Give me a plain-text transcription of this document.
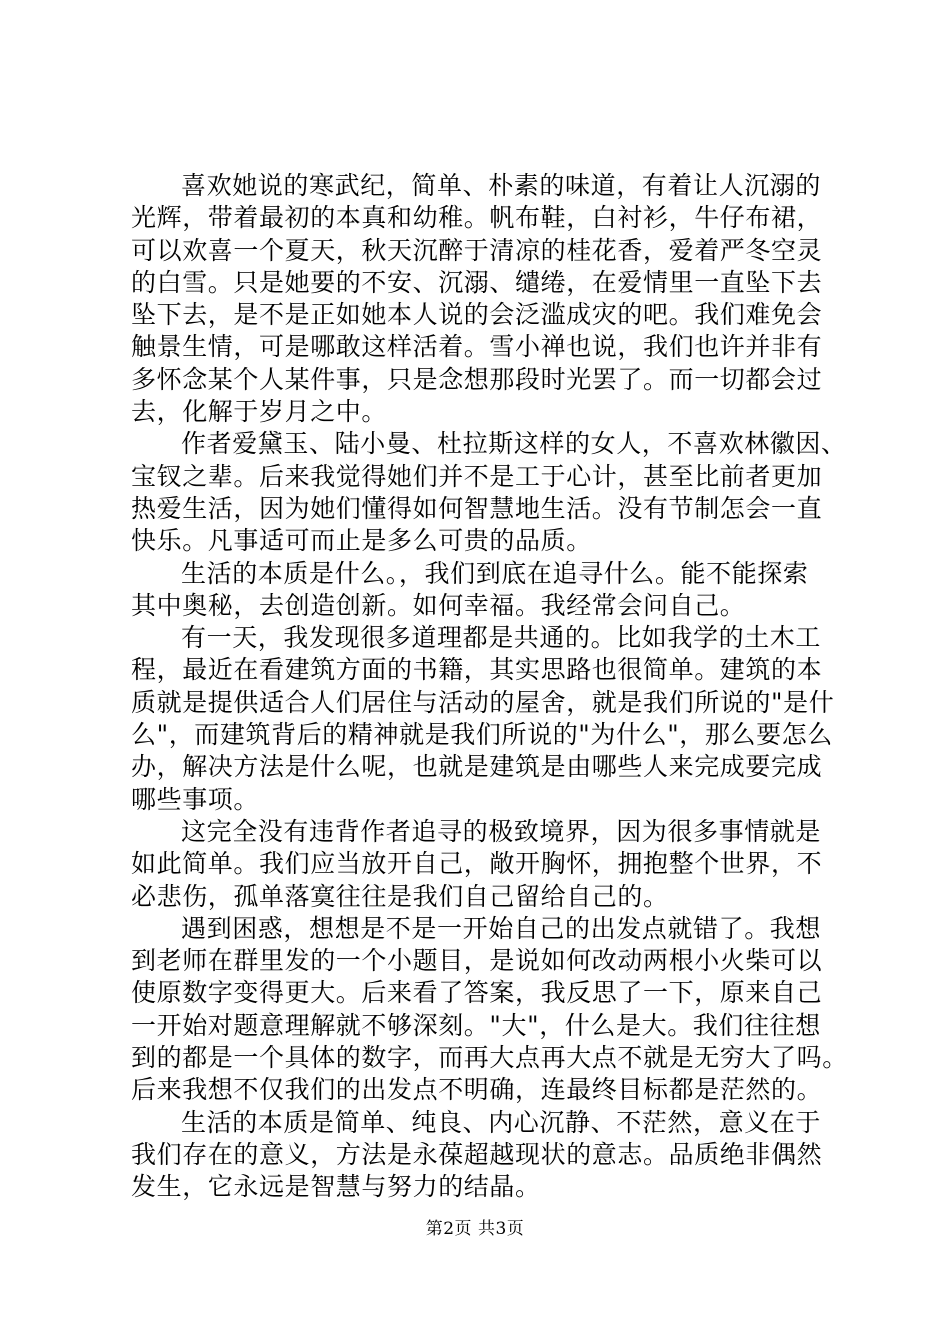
喜欢她说的寒武纪，简单、朴素的味道，有着让人沉溺的
光辉，带着最初的本真和幼稚。帆布鞋，白衬衫，牛仔布裙，
可以欢喜一个夏天，秋天沉醉于清凉的桂花香，爱着严冬空灵
的白雪。只是她要的不安、沉溺、缱绻，在爱情里一直坠下去
坠下去，是不是正如她本人说的会泛滥成灾的吧。我们难免会
触景生情，可是哪敢这样活着。雪小禅也说，我们也许并非有
多怀念某个人某件事，只是念想那段时光罢了。而一切都会过
去，化解于岁月之中。
作者爱黛玉、陆小曼、杜拉斯这样的女人，不喜欢林徽因、
宝钗之辈。后来我觉得她们并不是工于心计，甚至比前者更加
热爱生活，因为她们懂得如何智慧地生活。没有节制怎会一直
快乐。凡事适可而止是多么可贵的品质。
生活的本质是什么。，我们到底在追寻什么。能不能探索
其中奥秘，去创造创新。如何幸福。我经常会问自己。
有一天，我发现很多道理都是共通的。比如我学的土木工
程，最近在看建筑方面的书籍，其实思路也很简单。建筑的本
质就是提供适合人们居住与活动的屋舍，就是我们所说的"是什
么"，而建筑背后的精神就是我们所说的"为什么"，那么要怎么
办，解决方法是什么呢，也就是建筑是由哪些人来完成要完成
哪些事项。
这完全没有违背作者追寻的极致境界，因为很多事情就是
如此简单。我们应当放开自己，敞开胸怀，拥抱整个世界，不
必悲伤，孤单落寞往往是我们自己留给自己的。
遇到困惑，想想是不是一开始自己的出发点就错了。我想
到老师在群里发的一个小题目，是说如何改动两根小火柴可以
使原数字变得更大。后来看了答案，我反思了一下，原来自己
一开始对题意理解就不够深刻。"大"，什么是大。我们往往想
到的都是一个具体的数字，而再大点再大点不就是无穷大了吗。
后来我想不仅我们的出发点不明确，连最终目标都是茫然的。
生活的本质是简单、纯良、内心沉静、不茫然，意义在于
我们存在的意义，方法是永葆超越现状的意志。品质绝非偶然
发生，它永远是智慧与努力的结晶。
第2页 共3页
